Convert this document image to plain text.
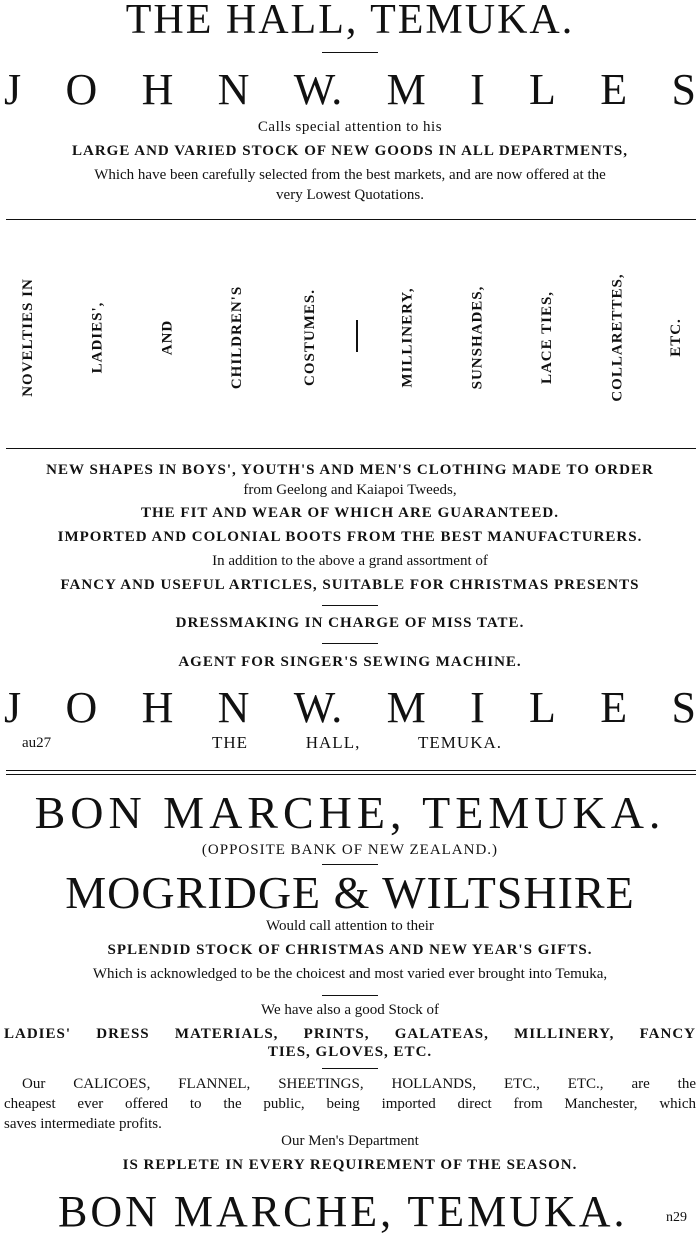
THE HALL, TEMUKA.
J O H N W. M I L E S
Calls special attention to his
LARGE AND VARIED STOCK OF NEW GOODS IN ALL DEPARTMENTS,
Which have been carefully selected from the best markets, and are now offered at the
very Lowest Quotations.
NOVELTIES IN	LADIES',	AND	CHILDREN'S	COSTUMES.	MILLINERY,	SUNSHADES,	LACE TIES,	COLLARETTES,	ETC.
NEW SHAPES IN BOYS', YOUTH'S AND MEN'S CLOTHING MADE TO ORDER
from Geelong and Kaiapoi Tweeds,
THE FIT AND WEAR OF WHICH ARE GUARANTEED.
IMPORTED AND COLONIAL BOOTS FROM THE BEST MANUFACTURERS.
In addition to the above a grand assortment of
FANCY AND USEFUL ARTICLES, SUITABLE FOR CHRISTMAS PRESENTS
DRESSMAKING IN CHARGE OF MISS TATE.
AGENT FOR SINGER'S SEWING MACHINE.
J O H N W. M I L E S
au27	THE	HALL,	TEMUKA.
BON MARCHE, TEMUKA.
(OPPOSITE BANK OF NEW ZEALAND.)
MOGRIDGE & WILTSHIRE
Would call attention to their
SPLENDID STOCK OF CHRISTMAS AND NEW YEAR'S GIFTS.
Which is acknowledged to be the choicest and most varied ever brought into Temuka,
We have also a good Stock of
LADIES' DRESS MATERIALS, PRINTS, GALATEAS, MILLINERY, FANCY
TIES, GLOVES, ETC.
Our CALICOES, FLANNEL, SHEETINGS, HOLLANDS, ETC., ETC., are the
cheapest ever offered to the public, being imported direct from Manchester, which
saves intermediate profits.
Our Men's Department
IS REPLETE IN EVERY REQUIREMENT OF THE SEASON.
BON MARCHE, TEMUKA.	n29
